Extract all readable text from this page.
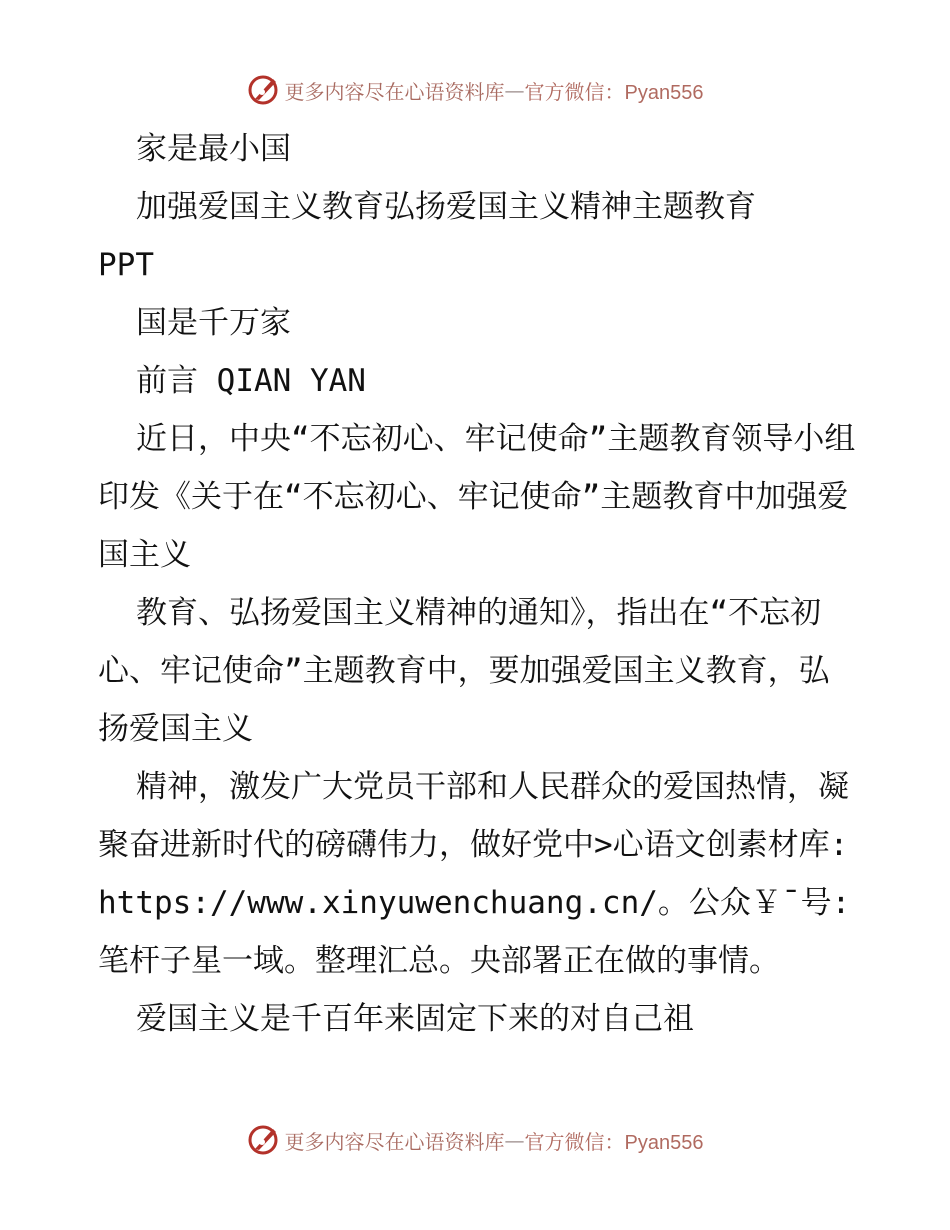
更多内容尽在心语资料库 — 官方微信：Pyan556

家是最小国

加强爱国主义教育弘扬爱国主义精神主题教育

PPT

国是千万家

前言 QIAN YAN

近日，中央“不忘初心、牢记使命”主题教育领导小组印发《关于在“不忘初心、牢记使命”主题教育中加强爱国主义

教育、弘扬爱国主义精神的通知》，指出在“不忘初心、牢记使命”主题教育中，要加强爱国主义教育，弘扬爱国主义

精神，激发广大党员干部和人民群众的爱国热情，凝聚奋进新时代的磅礴伟力，做好党中>心语文创素材库: https://www.xinyuwenchuang.cn/。公众￥¯号: 笔杆子星一域。整理汇总。央部署正在做的事情。

爱国主义是千百年来固定下来的对自己祖

更多内容尽在心语资料库 — 官方微信：Pyan556
